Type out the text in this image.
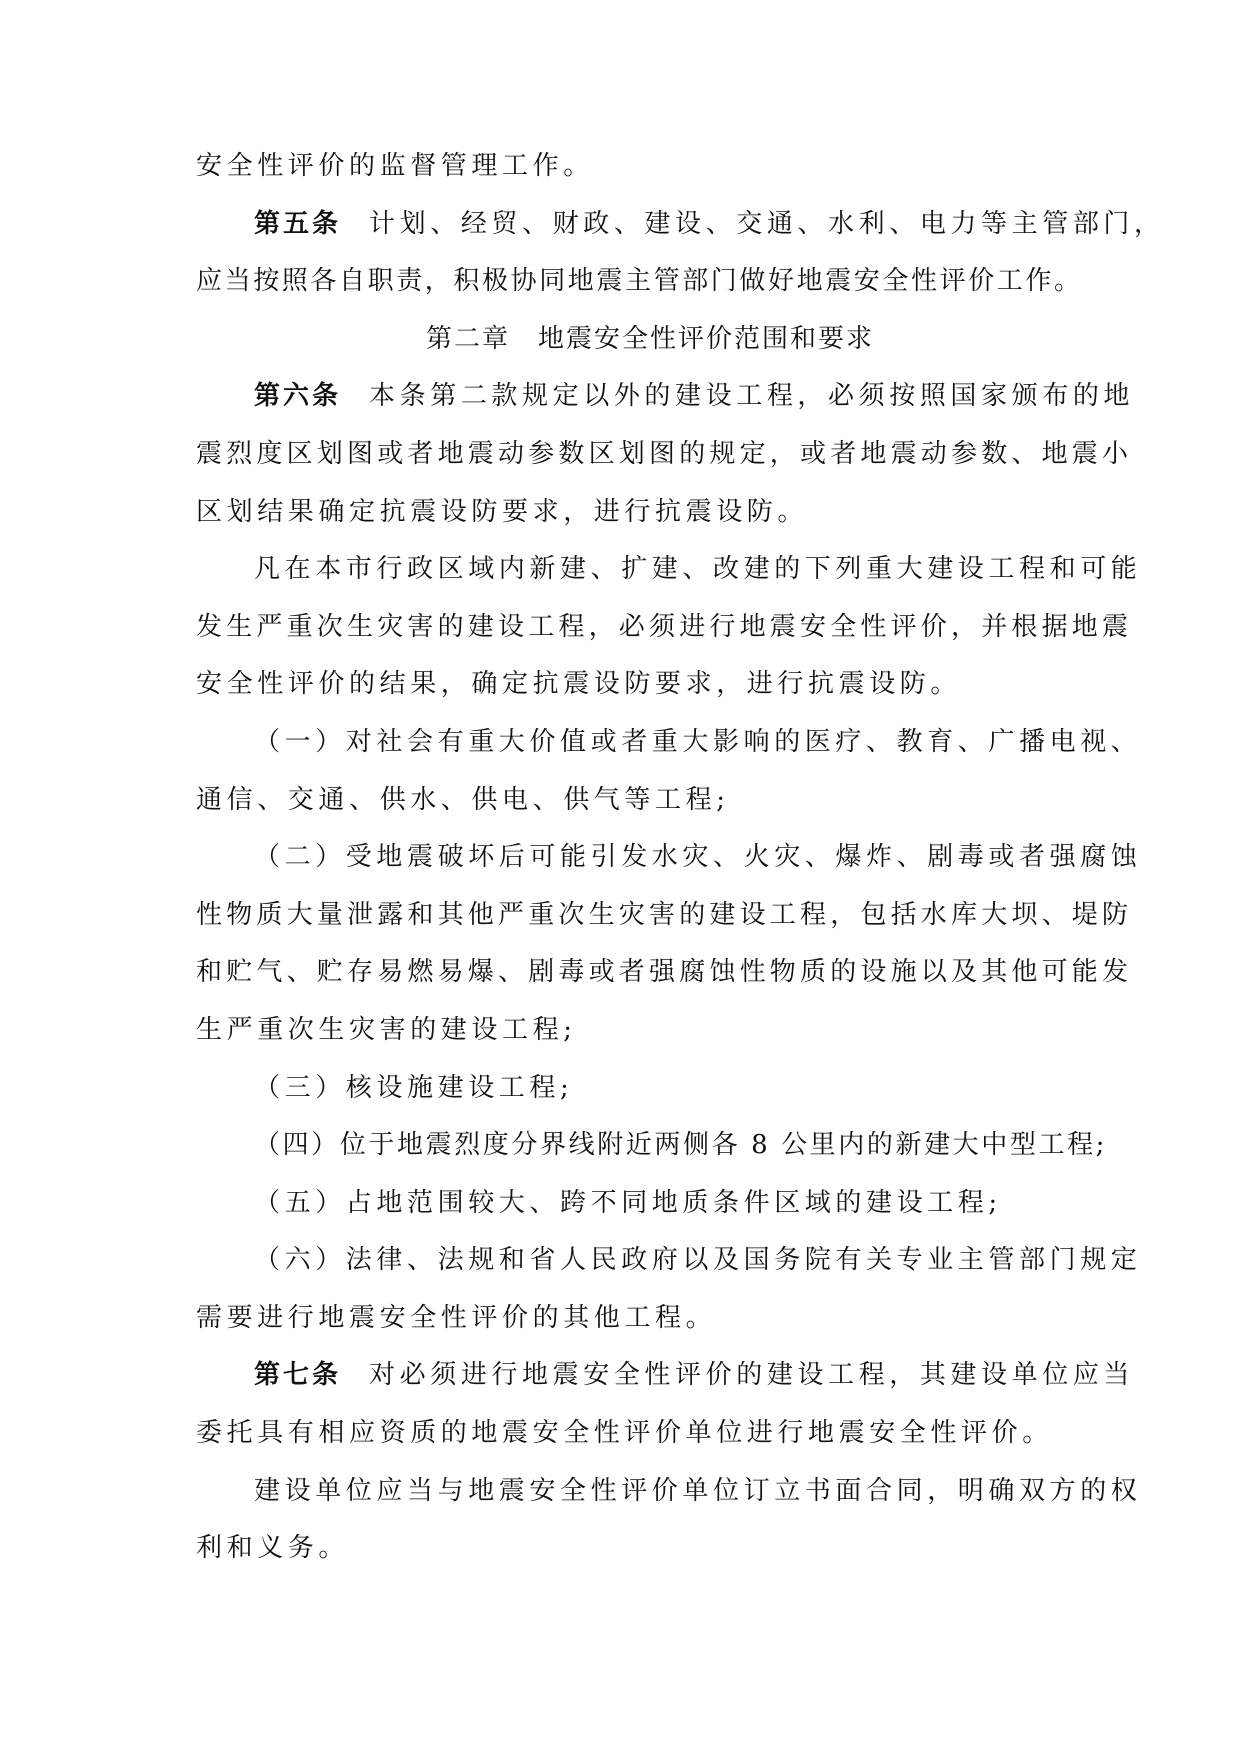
安全性评价的监督管理工作。
第五条 计划、经贸、财政、建设、交通、水利、电力等主管部门，
应当按照各自职责，积极协同地震主管部门做好地震安全性评价工作。
第二章　地震安全性评价范围和要求
第六条 本条第二款规定以外的建设工程，必须按照国家颁布的地
震烈度区划图或者地震动参数区划图的规定，或者地震动参数、地震小
区划结果确定抗震设防要求，进行抗震设防。
凡在本市行政区域内新建、扩建、改建的下列重大建设工程和可能
发生严重次生灾害的建设工程，必须进行地震安全性评价，并根据地震
安全性评价的结果，确定抗震设防要求，进行抗震设防。
（一）对社会有重大价值或者重大影响的医疗、教育、广播电视、
通信、交通、供水、供电、供气等工程;
（二）受地震破坏后可能引发水灾、火灾、爆炸、剧毒或者强腐蚀
性物质大量泄露和其他严重次生灾害的建设工程，包括水库大坝、堤防
和贮气、贮存易燃易爆、剧毒或者强腐蚀性物质的设施以及其他可能发
生严重次生灾害的建设工程;
（三）核设施建设工程;
（四）位于地震烈度分界线附近两侧各 8 公里内的新建大中型工程;
（五）占地范围较大、跨不同地质条件区域的建设工程;
（六）法律、法规和省人民政府以及国务院有关专业主管部门规定
需要进行地震安全性评价的其他工程。
第七条 对必须进行地震安全性评价的建设工程，其建设单位应当
委托具有相应资质的地震安全性评价单位进行地震安全性评价。
建设单位应当与地震安全性评价单位订立书面合同，明确双方的权
利和义务。
